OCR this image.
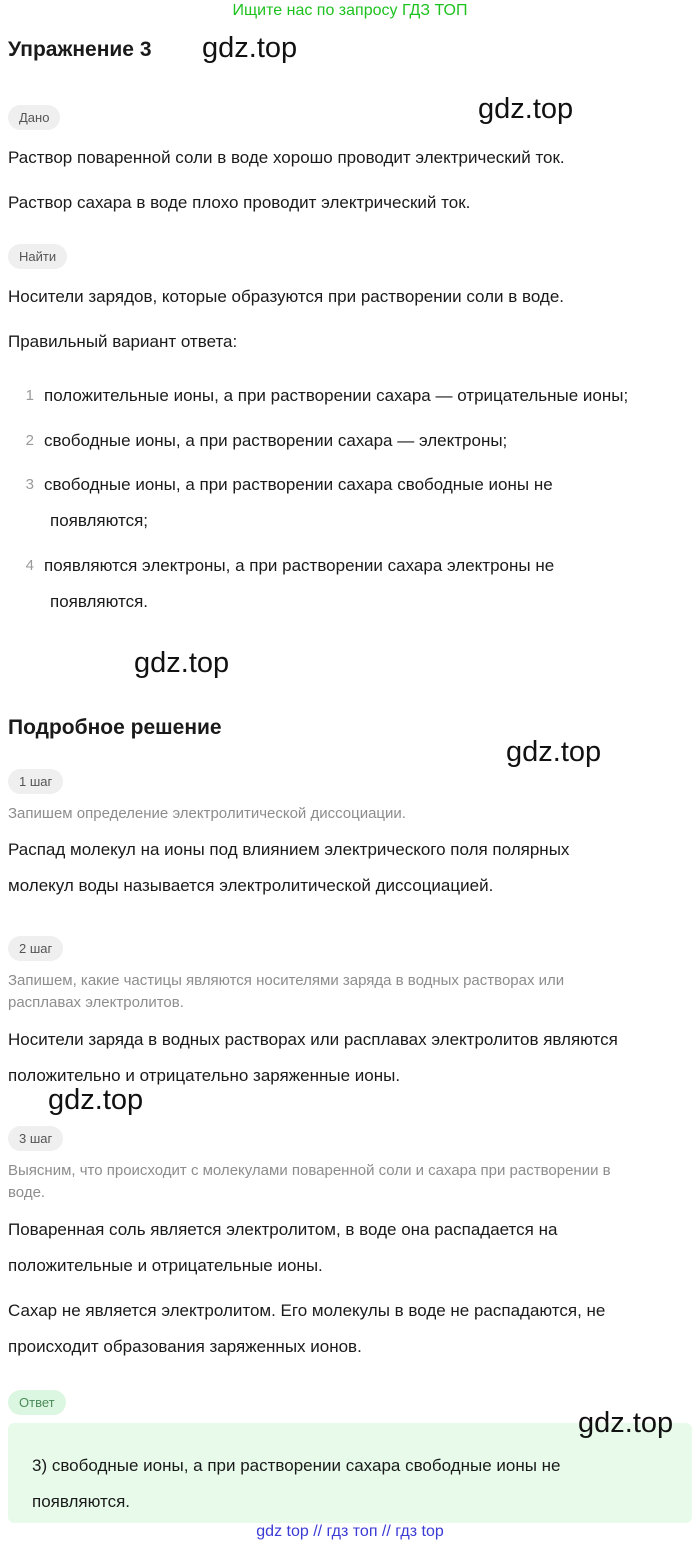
Ищите нас по запросу ГДЗ ТОП
Упражнение 3 gdz.top
Дано	gdz.top
Раствор поваренной соли в воде хорошо проводит электрический ток.
Раствор сахара в воде плохо проводит электрический ток.
Найти
Носители зарядов, которые образуются при растворении соли в воде.
Правильный вариант ответа:
1 положительные ионы, а при растворении сахара — отрицательные ионы;
2 свободные ионы, а при растворении сахара — электроны;
3 свободные ионы, а при растворении сахара свободные ионы не
появляются;
4 появляются электроны, а при растворении сахара электроны не
появляются.
gdz.top
Подробное решение
gdz.top
1 шаг
Запишем определение электролитической диссоциации.
Распад молекул на ионы под влиянием электрического поля полярных
молекул воды называется электролитической диссоциацией.
2 шаг
Запишем, какие частицы являются носителями заряда в водных растворах или
расплавах электролитов.
Носители заряда в водных растворах или расплавах электролитов являются
положительно и отрицательно заряженные ионы.
gdz.top
3 шаг
Выясним, что происходит с молекулами поваренной соли и сахара при растворении в
воде.
Поваренная соль является электролитом, в воде она распадается на
положительные и отрицательные ионы.
Сахар не является электролитом. Его молекулы в воде не распадаются, не
происходит образования заряженных ионов.
Ответ
gdz.top
3) свободные ионы, а при растворении сахара свободные ионы не
появляются.
gdz top // гдз топ // гдз top
